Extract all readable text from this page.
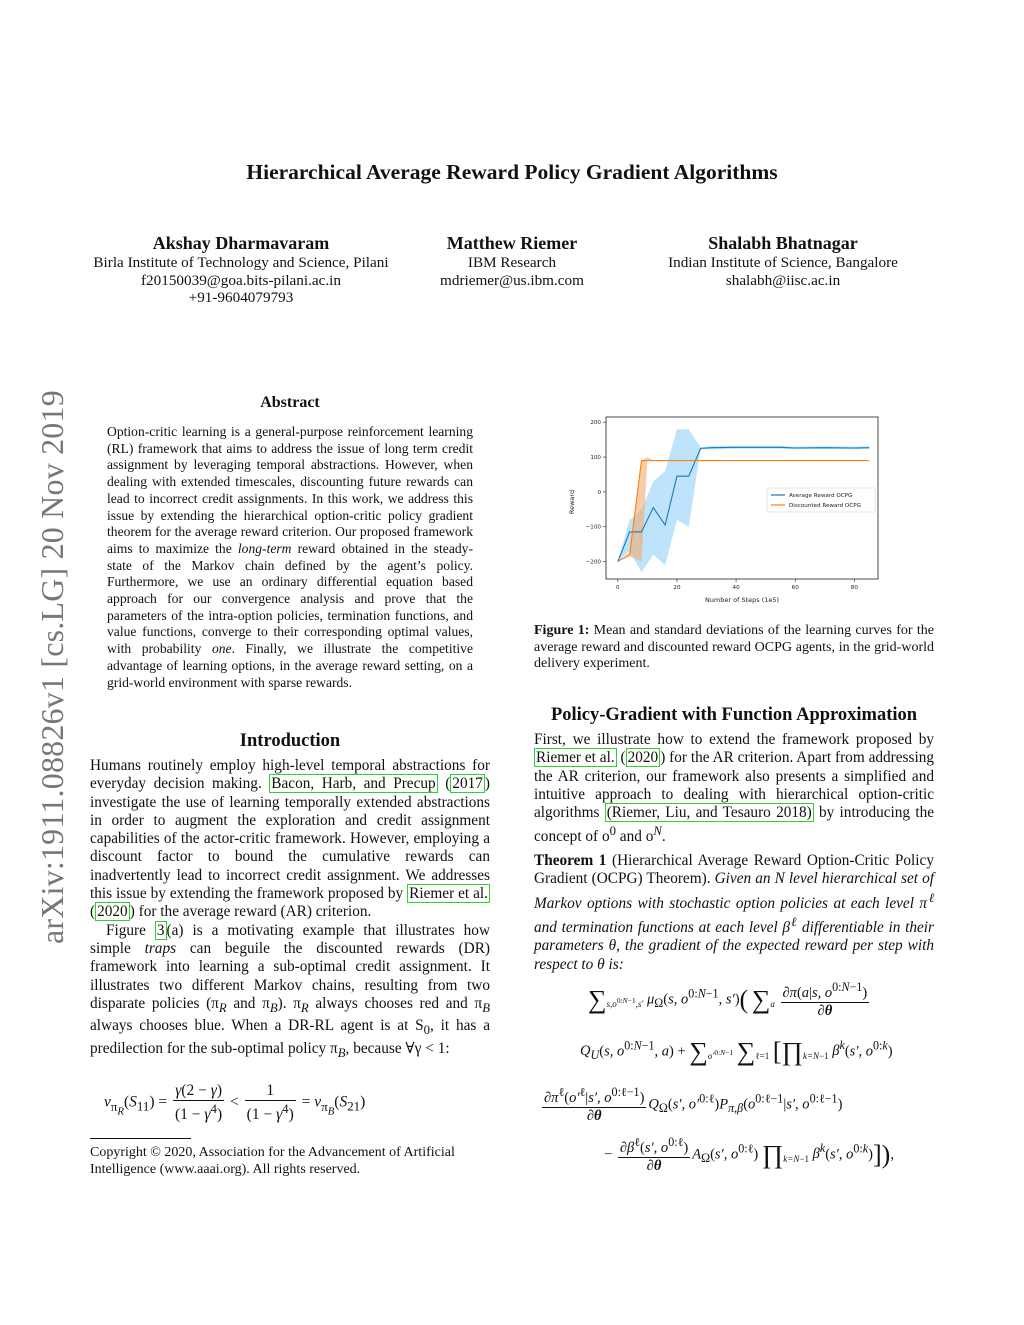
arXiv:1911.08826v1 [cs.LG] 20 Nov 2019
Hierarchical Average Reward Policy Gradient Algorithms
Akshay Dharmavaram
Birla Institute of Technology and Science, Pilani
f20150039@goa.bits-pilani.ac.in
+91-9604079793
Matthew Riemer
IBM Research
mdriemer@us.ibm.com
Shalabh Bhatnagar
Indian Institute of Science, Bangalore
shalabh@iisc.ac.in
Abstract
Option-critic learning is a general-purpose reinforcement learning (RL) framework that aims to address the issue of long term credit assignment by leveraging temporal abstractions. However, when dealing with extended timescales, discounting future rewards can lead to incorrect credit assignments. In this work, we address this issue by extending the hierarchical option-critic policy gradient theorem for the average reward criterion. Our proposed framework aims to maximize the long-term reward obtained in the steady-state of the Markov chain defined by the agent’s policy. Furthermore, we use an ordinary differential equation based approach for our convergence analysis and prove that the parameters of the intra-option policies, termination functions, and value functions, converge to their corresponding optimal values, with probability one. Finally, we illustrate the competitive advantage of learning options, in the average reward setting, on a grid-world environment with sparse rewards.
Introduction

Humans routinely employ high-level temporal abstractions for everyday decision making. Bacon, Harb, and Precup ( 2017 ) investigate the use of learning temporally extended abstractions in order to augment the exploration and credit assignment capabilities of the actor-critic framework. However, employing a discount factor to bound the cumulative rewards can inadvertently lead to incorrect credit assignment. We addresses this issue by extending the framework proposed by Riemer et al. ( 2020 ) for the average reward (AR) criterion.

Figure 3 (a) is a motivating example that illustrates how simple traps can beguile the discounted rewards (DR) framework into learning a sub-optimal credit assignment. It illustrates two different Markov chains, resulting from two disparate policies ($\pi_R$ and $\pi_B$). $\pi_R$ always chooses red and $\pi_B$ always chooses blue. When a DR-RL agent is at $S_0$, it has a predilection for the sub-optimal policy $\pi_B$, because ∀γ < 1:

$v_{\pi_R}(S_{11}) = \frac{\gamma(2 - \gamma)}{(1 - \gamma^4)} < \frac{1}{(1 - \gamma^4)} = v_{\pi_B}(S_{21})$
Copyright © 2020, Association for the Advancement of Artificial Intelligence (www.aaai.org). All rights reserved.
−200
−100
0
100
200
0	20	40	60	80
Number of Steps (1e5)
Reward	Average Reward OCPG
Discounted Reward OCPG
Figure 1: Mean and standard deviations of the learning curves for the average reward and discounted reward OCPG agents, in the grid-world delivery experiment.
Policy-Gradient with Function Approximation

First, we illustrate how to extend the framework proposed by Riemer et al. ( 2020 ) for the AR criterion. Apart from addressing the AR criterion, our framework also presents a simplified and intuitive approach to dealing with hierarchical option-critic algorithms (Riemer, Liu, and Tesauro 2018) by introducing the concept of $o^0$ and $o^N$.

Theorem 1 (Hierarchical Average Reward Option-Critic Policy Gradient (OCPG) Theorem). Given an N level hierarchical set of Markov options with stochastic option policies at each level $\pi^\ell$ and termination functions at each level $\beta^\ell$ differentiable in their parameters θ, the gradient of the expected reward per step with respect to θ is:

$\sum_{s,o^{0:N-1},s'}$ $\mu_\Omega(s$, $o^{0:N-1}$, s′)( $\sum_a \frac{\partial\pi(a|s, o^{0:N-1})}{\partial\theta}$
$Q_U(s$, $o^{0:N-1}$, $a) + \sum_{o'^{0:N-1}}$ $\sum_{\ell=1}$ [$\prod_{k=N-1}$ $\beta^k(s'$, $o^{0:k}$)
$\frac{\partial\pi^\ell(o'^\ell|s', o^{0:\ell-1})}{\partial\theta} Q_\Omega(s'$, $o'^{0:\ell})P_{\pi,\beta}(o^{0:\ell-1}|s'$, $o^{0:\ell-1}$)
− $\frac{\partial\beta^\ell(s', o^{0:\ell})}{\partial\theta} A_\Omega(s'$, $o^{0:\ell}$) $\prod_{k=N-1}$ $\beta^k(s'$, $o^{0:k}$)]),
